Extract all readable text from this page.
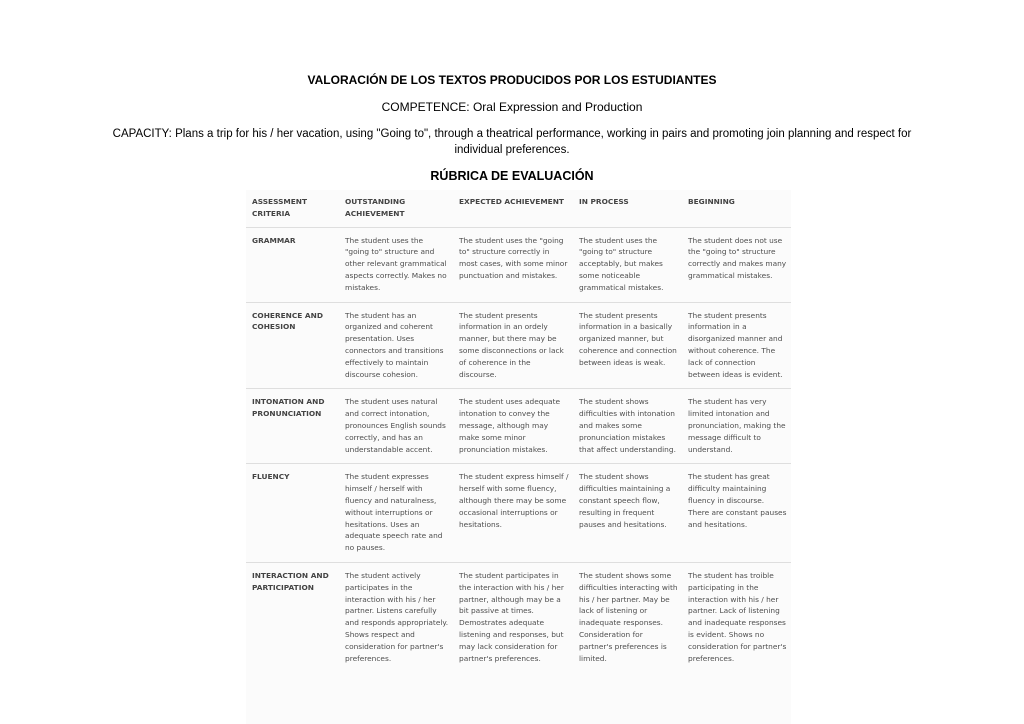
VALORACIÓN DE LOS TEXTOS PRODUCIDOS POR LOS ESTUDIANTES
COMPETENCE: Oral Expression and Production
CAPACITY: Plans a trip for his / her vacation, using "Going to", through a theatrical performance, working in pairs and promoting join planning and respect for individual preferences.
RÚBRICA DE EVALUACIÓN
ASSESSMENT CRITERIA	OUTSTANDING ACHIEVEMENT	EXPECTED ACHIEVEMENT	IN PROCESS	BEGINNING
GRAMMAR	The student uses the "going to" structure and other relevant grammatical aspects correctly. Makes no mistakes.	The student uses the "going to" structure correctly in most cases, with some minor punctuation and mistakes.	The student uses the "going to" structure acceptably, but makes some noticeable grammatical mistakes.	The student does not use the "going to" structure correctly and makes many grammatical mistakes.
COHERENCE AND COHESION	The student has an organized and coherent presentation. Uses connectors and transitions effectively to maintain discourse cohesion.	The student presents information in an ordely manner, but there may be some disconnections or lack of coherence in the discourse.	The student presents information in a basically organized manner, but coherence and connection between ideas is weak.	The student presents information in a disorganized manner and without coherence. The lack of connection between ideas is evident.
INTONATION AND PRONUNCIATION	The student uses natural and correct intonation, pronounces English sounds correctly, and has an understandable accent.	The student uses adequate intonation to convey the message, although may make some minor pronunciation mistakes.	The student shows difficulties with intonation and makes some pronunciation mistakes that affect understanding.	The student has very limited intonation and pronunciation, making the message difficult to understand.
FLUENCY	The student expresses himself / herself with fluency and naturalness, without interruptions or hesitations. Uses an adequate speech rate and no pauses.	The student express himself / herself with some fluency, although there may be some occasional interruptions or hesitations.	The student shows difficulties maintaining a constant speech flow, resulting in frequent pauses and hesitations.	The student has great difficulty maintaining fluency in discourse. There are constant pauses and hesitations.
INTERACTION AND PARTICIPATION	The student actively participates in the interaction with his / her partner. Listens carefully and responds appropriately. Shows respect and consideration for partner's preferences.	The student participates in the interaction with his / her partner, although may be a bit passive at times. Demostrates adequate listening and responses, but may lack consideration for partner's preferences.	The student shows some difficulties interacting with his / her partner. May be lack of listening or inadequate responses. Consideration for partner's preferences is limited.	The student has troible participating in the interaction with his / her partner. Lack of listening and inadequate responses is evident. Shows no consideration for partner's preferences.
